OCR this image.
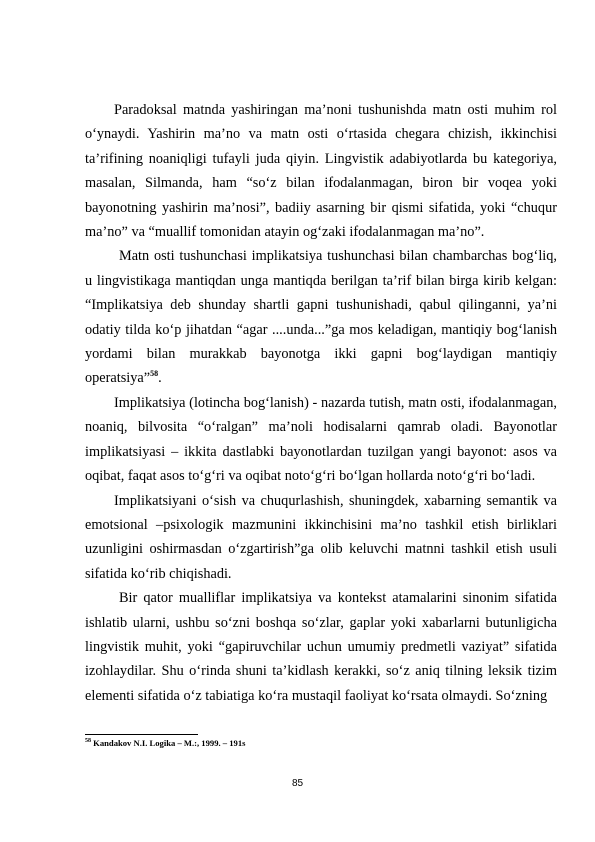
Paradoksal matnda yashiringan ma’noni tushunishda matn osti muhim rol o‘ynaydi. Yashirin ma’no va matn osti o‘rtasida chegara chizish, ikkinchisi ta’rifining noaniqligi tufayli juda qiyin. Lingvistik adabiyotlarda bu kategoriya, masalan, Silmanda, ham “so‘z bilan ifodalanmagan, biron bir voqea yoki bayonotning yashirin ma’nosi”, badiiy asarning bir qismi sifatida, yoki “chuqur ma’no” va “muallif tomonidan atayin og‘zaki ifodalanmagan ma’no”.

Matn osti tushunchasi implikatsiya tushunchasi bilan chambarchas bog‘liq, u lingvistikaga mantiqdan unga mantiqda berilgan ta’rif bilan birga kirib kelgan: “Implikatsiya deb shunday shartli gapni tushunishadi, qabul qilinganni, ya’ni odatiy tilda ko‘p jihatdan “agar ....unda...”ga mos keladigan, mantiqiy bog‘lanish yordami bilan murakkab bayonotga ikki gapni bog‘laydigan mantiqiy operatsiya”$^{58}$.

Implikatsiya (lotincha bog‘lanish) - nazarda tutish, matn osti, ifodalanmagan, noaniq, bilvosita “o‘ralgan” ma’noli hodisalarni qamrab oladi. Bayonotlar implikatsiyasi – ikkita dastlabki bayonotlardan tuzilgan yangi bayonot: asos va oqibat, faqat asos to‘g‘ri va oqibat noto‘g‘ri bo‘lgan hollarda noto‘g‘ri bo‘ladi.

Implikatsiyani o‘sish va chuqurlashish, shuningdek, xabarning semantik va emotsional –psixologik mazmunini ikkinchisini ma’no tashkil etish birliklari uzunligini oshirmasdan o‘zgartirish”ga olib keluvchi matnni tashkil etish usuli sifatida ko‘rib chiqishadi.

Bir qator mualliflar implikatsiya va kontekst atamalarini sinonim sifatida ishlatib ularni, ushbu so‘zni boshqa so‘zlar, gaplar yoki xabarlarni butunligicha lingvistik muhit, yoki “gapiruvchilar uchun umumiy predmetli vaziyat” sifatida izohlaydilar. Shu o‘rinda shuni ta’kidlash kerakki, so‘z aniq tilning leksik tizim elementi sifatida o‘z tabiatiga ko‘ra mustaqil faoliyat ko‘rsata olmaydi. So‘zning

$^{58}$ Kandakov N.I. Logika – M.:, 1999. – 191s

85
